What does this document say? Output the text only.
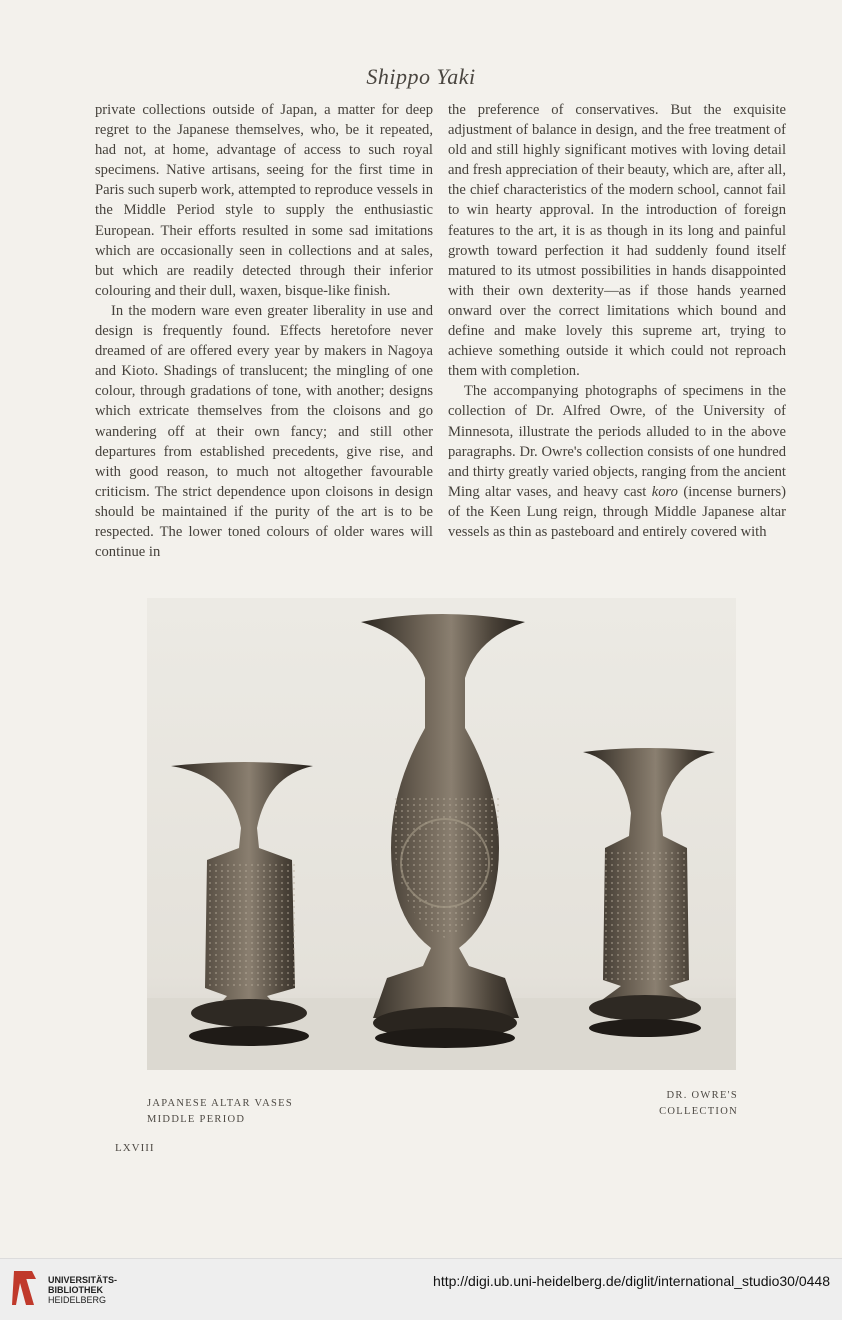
Shippo Yaki

private collections outside of Japan, a matter for deep regret to the Japanese themselves, who, be it repeated, had not, at home, advantage of access to such royal specimens. Native artisans, seeing for the first time in Paris such superb work, attempted to reproduce vessels in the Middle Period style to supply the enthusiastic European. Their efforts resulted in some sad imitations which are occasionally seen in collections and at sales, but which are readily detected through their inferior colouring and their dull, waxen, bisque-like finish.

In the modern ware even greater liberality in use and design is frequently found. Effects heretofore never dreamed of are offered every year by makers in Nagoya and Kioto. Shadings of translucent; the mingling of one colour, through gradations of tone, with another; designs which extricate themselves from the cloisons and go wandering off at their own fancy; and still other departures from established precedents, give rise, and with good reason, to much not altogether favourable criticism. The strict dependence upon cloisons in design should be maintained if the purity of the art is to be respected. The lower toned colours of older wares will continue in

the preference of conservatives. But the exquisite adjustment of balance in design, and the free treatment of old and still highly significant motives with loving detail and fresh appreciation of their beauty, which are, after all, the chief characteristics of the modern school, cannot fail to win hearty approval. In the introduction of foreign features to the art, it is as though in its long and painful growth toward perfection it had suddenly found itself matured to its utmost possibilities in hands disappointed with their own dexterity—as if those hands yearned onward over the correct limitations which bound and define and make lovely this supreme art, trying to achieve something outside it which could not reproach them with completion.

The accompanying photographs of specimens in the collection of Dr. Alfred Owre, of the University of Minnesota, illustrate the periods alluded to in the above paragraphs. Dr. Owre's collection consists of one hundred and thirty greatly varied objects, ranging from the ancient Ming altar vases, and heavy cast koro (incense burners) of the Keen Lung reign, through Middle Japanese altar vessels as thin as pasteboard and entirely covered with

JAPANESE ALTAR VASES
MIDDLE PERIOD
DR. OWRE'S
COLLECTION
LXVIII
UNIVERSITÄTS-
BIBLIOTHEK
HEIDELBERG
http://digi.ub.uni-heidelberg.de/diglit/international_studio30/0448
